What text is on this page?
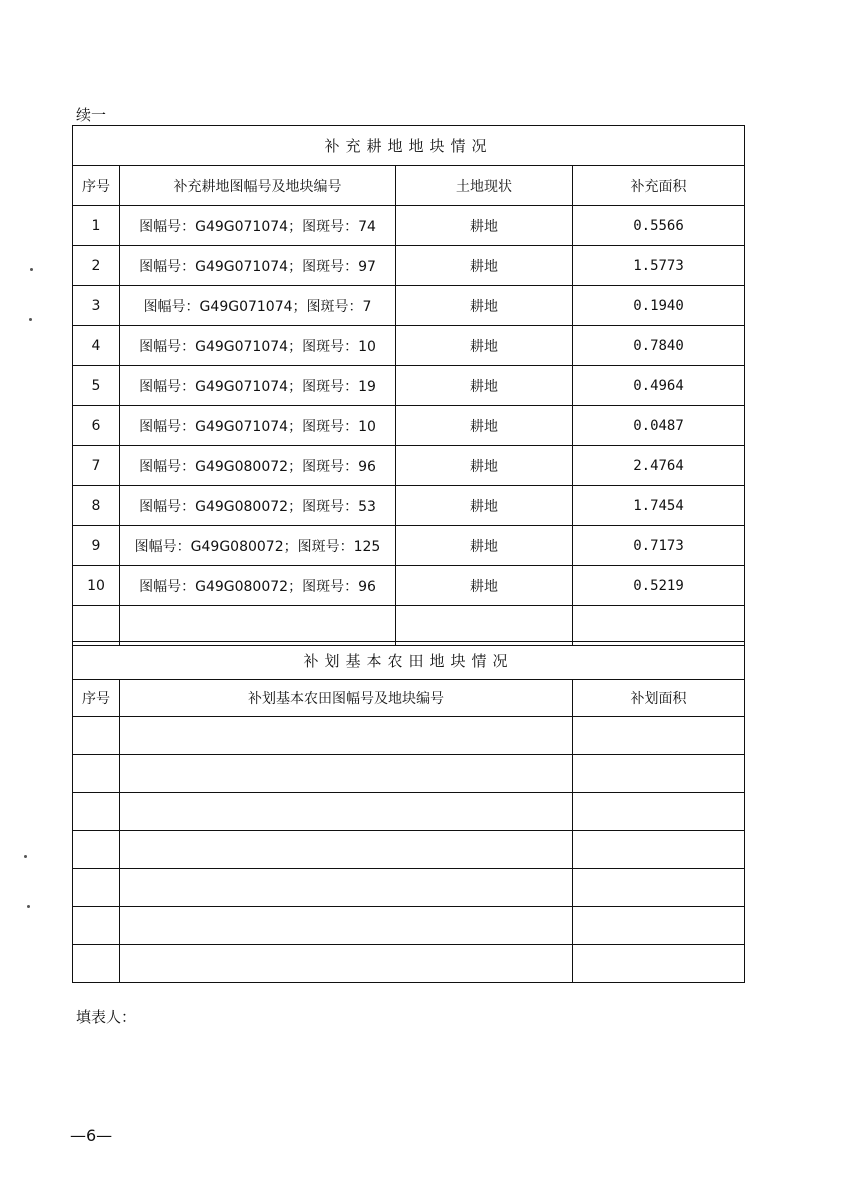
续一
补充耕地地块情况			
序号	补充耕地图幅号及地块编号	土地现状	补充面积
1	图幅号：G49G071074；图斑号：74	耕地	0.5566
2	图幅号：G49G071074；图斑号：97	耕地	1.5773
3	图幅号：G49G071074；图斑号：7	耕地	0.1940
4	图幅号：G49G071074；图斑号：10	耕地	0.7840
5	图幅号：G49G071074；图斑号：19	耕地	0.4964
6	图幅号：G49G071074；图斑号：10	耕地	0.0487
7	图幅号：G49G080072；图斑号：96	耕地	2.4764
8	图幅号：G49G080072；图斑号：53	耕地	1.7454
9	图幅号：G49G080072；图斑号：125	耕地	0.7173
10	图幅号：G49G080072；图斑号：96	耕地	0.5219

补划基本农田地块情况		
序号	补划基本农田图幅号及地块编号	补划面积

填表人：
—6—
